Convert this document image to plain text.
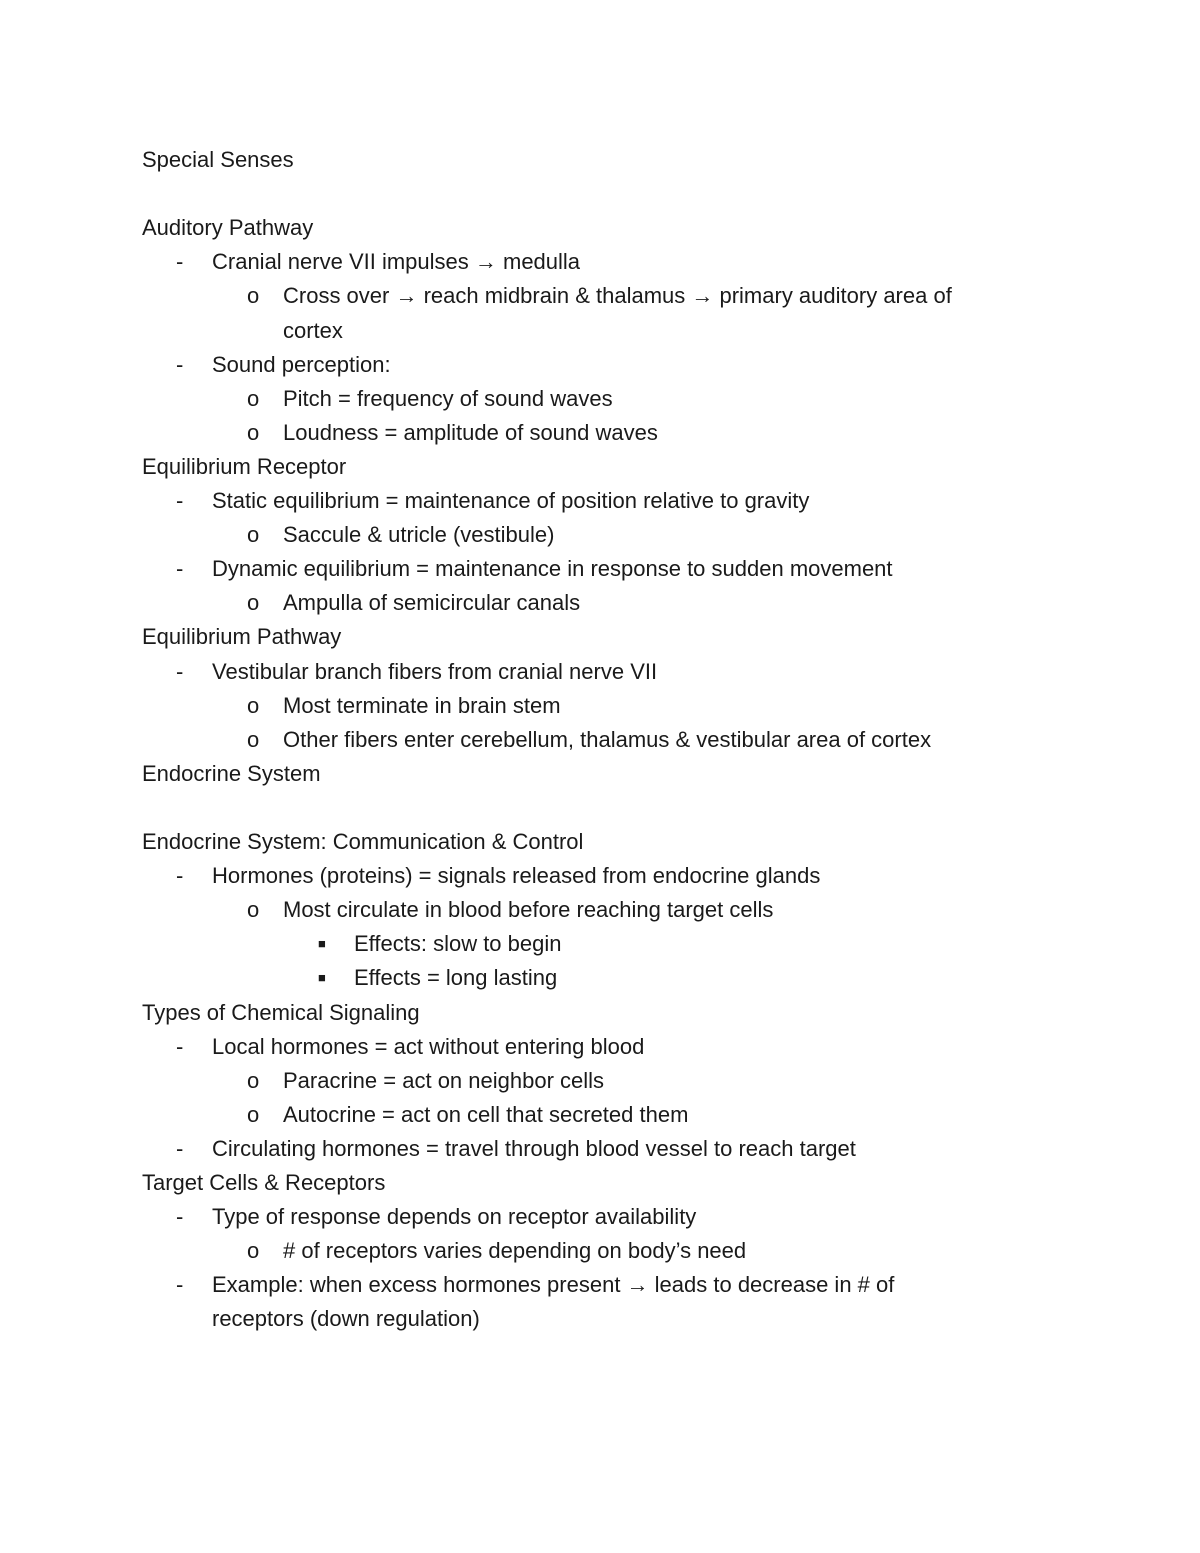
Special Senses
Auditory Pathway
- Cranial nerve VII impulses → medulla
o Cross over → reach midbrain & thalamus → primary auditory area of
cortex
- Sound perception:
o Pitch = frequency of sound waves
o Loudness = amplitude of sound waves
Equilibrium Receptor
- Static equilibrium = maintenance of position relative to gravity
o Saccule & utricle (vestibule)
- Dynamic equilibrium = maintenance in response to sudden movement
o Ampulla of semicircular canals
Equilibrium Pathway
- Vestibular branch fibers from cranial nerve VII
o Most terminate in brain stem
o Other fibers enter cerebellum, thalamus & vestibular area of cortex
Endocrine System
Endocrine System: Communication & Control
- Hormones (proteins) = signals released from endocrine glands
o Most circulate in blood before reaching target cells
■ Effects: slow to begin
■ Effects = long lasting
Types of Chemical Signaling
- Local hormones = act without entering blood
o Paracrine = act on neighbor cells
o Autocrine = act on cell that secreted them
- Circulating hormones = travel through blood vessel to reach target
Target Cells & Receptors
- Type of response depends on receptor availability
o # of receptors varies depending on body’s need
- Example: when excess hormones present → leads to decrease in # of
receptors (down regulation)
